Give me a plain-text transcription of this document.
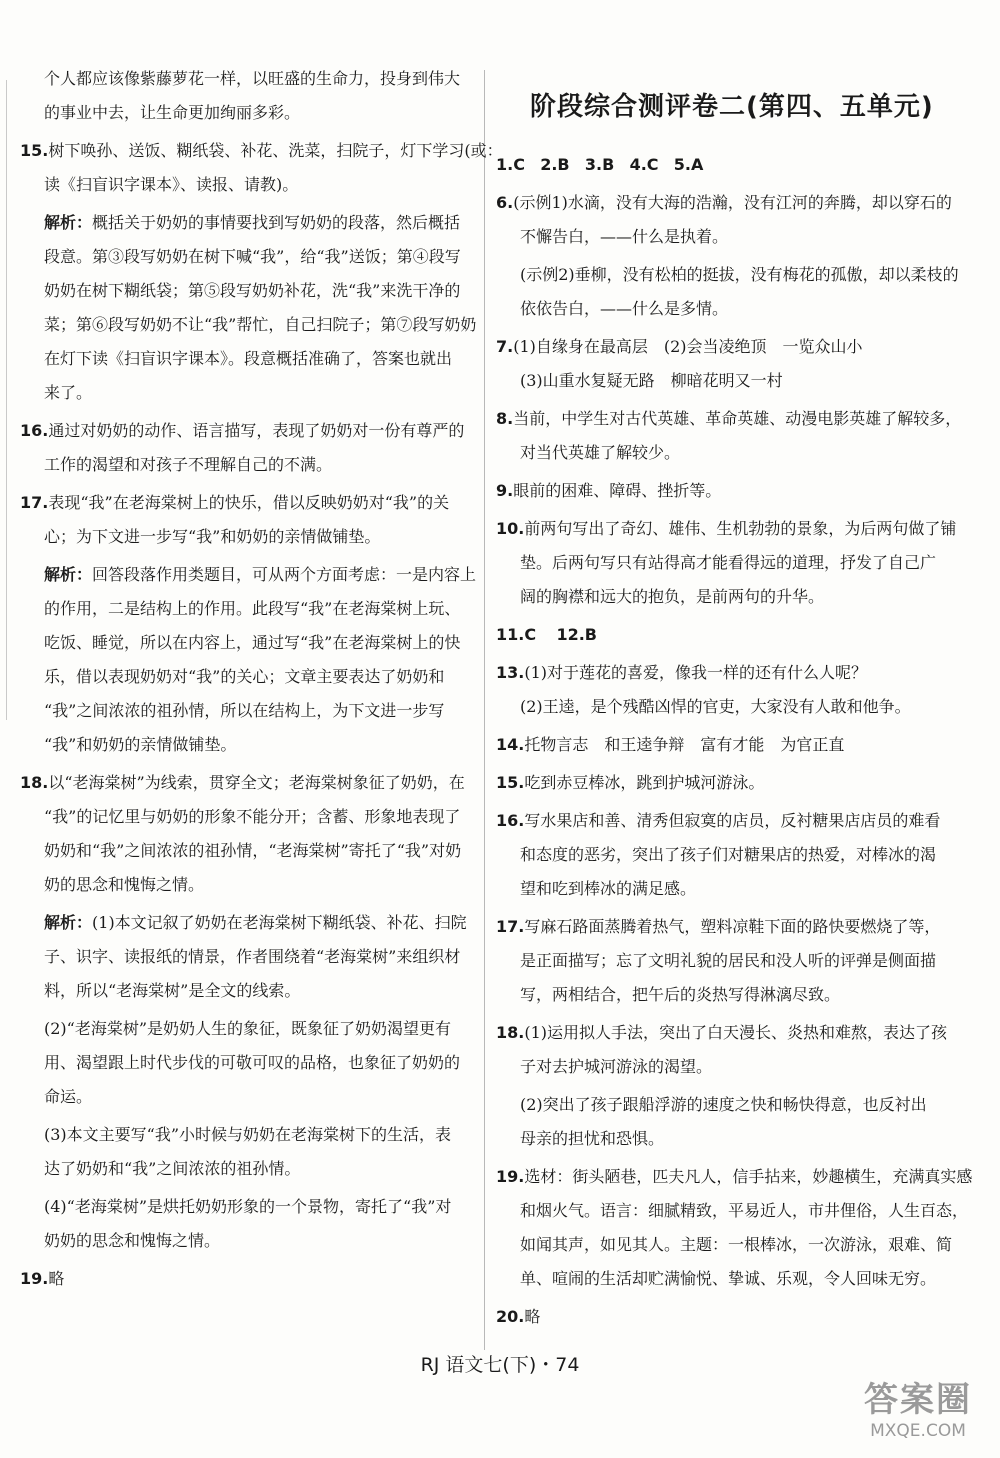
个人都应该像紫藤萝花一样，以旺盛的生命力，投身到伟大
的事业中去，让生命更加绚丽多彩。
15.树下唤孙、送饭、糊纸袋、补花、洗菜，扫院子，灯下学习(或：
读《扫盲识字课本》、读报、请教)。
解析：概括关于奶奶的事情要找到写奶奶的段落，然后概括
段意。第③段写奶奶在树下喊“我”，给“我”送饭；第④段写
奶奶在树下糊纸袋；第⑤段写奶奶补花，洗“我”来洗干净的
菜；第⑥段写奶奶不让“我”帮忙，自己扫院子；第⑦段写奶奶
在灯下读《扫盲识字课本》。段意概括准确了，答案也就出
来了。
16.通过对奶奶的动作、语言描写，表现了奶奶对一份有尊严的
工作的渴望和对孩子不理解自己的不满。
17.表现“我”在老海棠树上的快乐，借以反映奶奶对“我”的关
心；为下文进一步写“我”和奶奶的亲情做铺垫。
解析：回答段落作用类题目，可从两个方面考虑：一是内容上
的作用，二是结构上的作用。此段写“我”在老海棠树上玩、
吃饭、睡觉，所以在内容上，通过写“我”在老海棠树上的快
乐，借以表现奶奶对“我”的关心；文章主要表达了奶奶和
“我”之间浓浓的祖孙情，所以在结构上，为下文进一步写
“我”和奶奶的亲情做铺垫。
18.以“老海棠树”为线索，贯穿全文；老海棠树象征了奶奶，在
“我”的记忆里与奶奶的形象不能分开；含蓄、形象地表现了
奶奶和“我”之间浓浓的祖孙情，“老海棠树”寄托了“我”对奶
奶的思念和愧悔之情。
解析：(1)本文记叙了奶奶在老海棠树下糊纸袋、补花、扫院
子、识字、读报纸的情景，作者围绕着“老海棠树”来组织材
料，所以“老海棠树”是全文的线索。
(2)“老海棠树”是奶奶人生的象征，既象征了奶奶渴望更有
用、渴望跟上时代步伐的可敬可叹的品格，也象征了奶奶的
命运。
(3)本文主要写“我”小时候与奶奶在老海棠树下的生活，表
达了奶奶和“我”之间浓浓的祖孙情。
(4)“老海棠树”是烘托奶奶形象的一个景物，寄托了“我”对
奶奶的思念和愧悔之情。
19.略
阶段综合测评卷二(第四、五单元)
1.C 2.B 3.B 4.C 5.A
6.(示例1)水滴，没有大海的浩瀚，没有江河的奔腾，却以穿石的
不懈告白，——什么是执着。
(示例2)垂柳，没有松柏的挺拔，没有梅花的孤傲，却以柔枝的
依依告白，——什么是多情。
7.(1)自缘身在最高层　(2)会当凌绝顶　一览众山小
(3)山重水复疑无路　柳暗花明又一村
8.当前，中学生对古代英雄、革命英雄、动漫电影英雄了解较多，
对当代英雄了解较少。
9.眼前的困难、障碍、挫折等。
10.前两句写出了奇幻、雄伟、生机勃勃的景象，为后两句做了铺
垫。后两句写只有站得高才能看得远的道理，抒发了自己广
阔的胸襟和远大的抱负，是前两句的升华。
11.C 12.B
13.(1)对于莲花的喜爱，像我一样的还有什么人呢？
(2)王逵，是个残酷凶悍的官吏，大家没有人敢和他争。
14.托物言志　和王逵争辩　富有才能　为官正直
15.吃到赤豆棒冰，跳到护城河游泳。
16.写水果店和善、清秀但寂寞的店员，反衬糖果店店员的难看
和态度的恶劣，突出了孩子们对糖果店的热爱，对棒冰的渴
望和吃到棒冰的满足感。
17.写麻石路面蒸腾着热气，塑料凉鞋下面的路快要燃烧了等，
是正面描写；忘了文明礼貌的居民和没人听的评弹是侧面描
写，两相结合，把午后的炎热写得淋漓尽致。
18.(1)运用拟人手法，突出了白天漫长、炎热和难熬，表达了孩
子对去护城河游泳的渴望。
(2)突出了孩子跟船浮游的速度之快和畅快得意，也反衬出
母亲的担忧和恐惧。
19.选材：街头陋巷，匹夫凡人，信手拈来，妙趣横生，充满真实感
和烟火气。语言：细腻精致，平易近人，市井俚俗，人生百态，
如闻其声，如见其人。主题：一根棒冰，一次游泳，艰难、简
单、喧闹的生活却贮满愉悦、挚诚、乐观，令人回味无穷。
20.略
RJ 语文七(下)・74
答案圈
MXQE.COM
